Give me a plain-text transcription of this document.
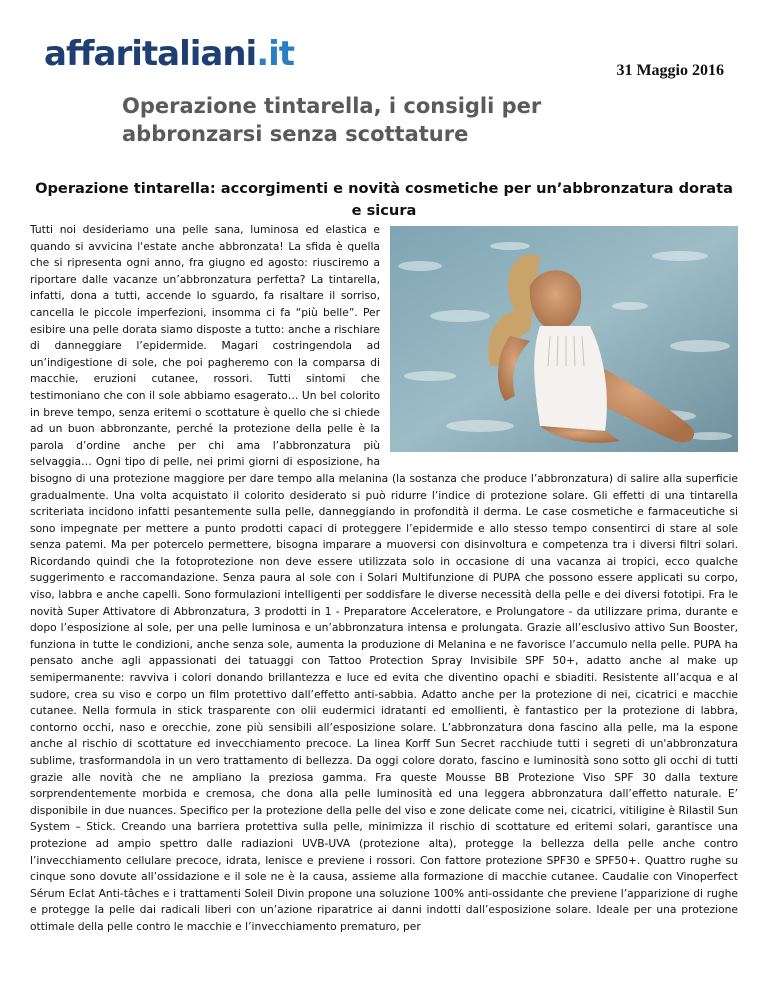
affaritaliani.it	31 Maggio 2016
Operazione tintarella, i consigli per abbronzarsi senza scottature
Operazione tintarella: accorgimenti e novità cosmetiche per un’abbronzatura dorata e sicura
Tutti noi desideriamo una pelle sana, luminosa ed elastica e quando si avvicina l'estate anche abbronzata! La sfida è quella che si ripresenta ogni anno, fra giugno ed agosto: riusciremo a riportare dalle vacanze un’abbronzatura perfetta? La tintarella, infatti, dona a tutti, accende lo sguardo, fa risaltare il sorriso, cancella le piccole imperfezioni, insomma ci fa “più belle”. Per esibire una pelle dorata siamo disposte a tutto: anche a rischiare di danneggiare l’epidermide. Magari costringendola ad un’indigestione di sole, che poi pagheremo con la comparsa di macchie, eruzioni cutanee, rossori. Tutti sintomi che testimoniano che con il sole abbiamo esagerato… Un bel colorito in breve tempo, senza eritemi o scottature è quello che si chiede ad un buon abbronzante, perché la protezione della pelle è la parola d’ordine anche per chi ama l’abbronzatura più selvaggia… Ogni tipo di pelle, nei primi giorni di esposizione, ha bisogno di una protezione maggiore per dare tempo alla melanina (la sostanza che produce l’abbronzatura) di salire alla superficie gradualmente. Una volta acquistato il colorito desiderato si può ridurre l’indice di protezione solare. Gli effetti di una tintarella scriteriata incidono infatti pesantemente sulla pelle, danneggiando in profondità il derma. Le case cosmetiche e farmaceutiche si sono impegnate per mettere a punto prodotti capaci di proteggere l’epidermide e allo stesso tempo consentirci di stare al sole senza patemi. Ma per potercelo permettere, bisogna imparare a muoversi con disinvoltura e competenza tra i diversi filtri solari. Ricordando quindi che la fotoprotezione non deve essere utilizzata solo in occasione di una vacanza ai tropici, ecco qualche suggerimento e raccomandazione. Senza paura al sole con i Solari Multifunzione di PUPA che possono essere applicati su corpo, viso, labbra e anche capelli. Sono formulazioni intelligenti per soddisfare le diverse necessità della pelle e dei diversi fototipi. Fra le novità Super Attivatore di Abbronzatura, 3 prodotti in 1 - Preparatore Acceleratore, e Prolungatore - da utilizzare prima, durante e dopo l’esposizione al sole, per una pelle luminosa e un’abbronzatura intensa e prolungata. Grazie all’esclusivo attivo Sun Booster, funziona in tutte le condizioni, anche senza sole, aumenta la produzione di Melanina e ne favorisce l’accumulo nella pelle. PUPA ha pensato anche agli appassionati dei tatuaggi con Tattoo Protection Spray Invisibile SPF 50+, adatto anche al make up semipermanente: ravviva i colori donando brillantezza e luce ed evita che diventino opachi e sbiaditi. Resistente all’acqua e al sudore, crea su viso e corpo un film protettivo dall’effetto anti-sabbia. Adatto anche per la protezione di nei, cicatrici e macchie cutanee. Nella formula in stick trasparente con olii eudermici idratanti ed emollienti, è fantastico per la protezione di labbra, contorno occhi, naso e orecchie, zone più sensibili all’esposizione solare. L’abbronzatura dona fascino alla pelle, ma la espone anche al rischio di scottature ed invecchiamento precoce. La linea Korff Sun Secret racchiude tutti i segreti di un'abbronzatura sublime, trasformandola in un vero trattamento di bellezza. Da oggi colore dorato, fascino e luminosità sono sotto gli occhi di tutti grazie alle novità che ne ampliano la preziosa gamma. Fra queste Mousse BB Protezione Viso SPF 30 dalla texture sorprendentemente morbida e cremosa, che dona alla pelle luminosità ed una leggera abbronzatura dall’effetto naturale. E’ disponibile in due nuances. Specifico per la protezione della pelle del viso e zone delicate come nei, cicatrici, vitiligine è Rilastil Sun System – Stick. Creando una barriera protettiva sulla pelle, minimizza il rischio di scottature ed eritemi solari, garantisce una protezione ad ampio spettro dalle radiazioni UVB-UVA (protezione alta), protegge la bellezza della pelle anche contro l’invecchiamento cellulare precoce, idrata, lenisce e previene i rossori. Con fattore protezione SPF30 e SPF50+. Quattro rughe su cinque sono dovute all’ossidazione e il sole ne è la causa, assieme alla formazione di macchie cutanee. Caudalie con Vinoperfect Sérum Eclat Anti-tâches e i trattamenti Soleil Divin propone una soluzione 100% anti-ossidante che previene l’apparizione di rughe e protegge la pelle dai radicali liberi con un’azione riparatrice ai danni indotti dall’esposizione solare. Ideale per una protezione ottimale della pelle contro le macchie e l’invecchiamento prematuro, per
